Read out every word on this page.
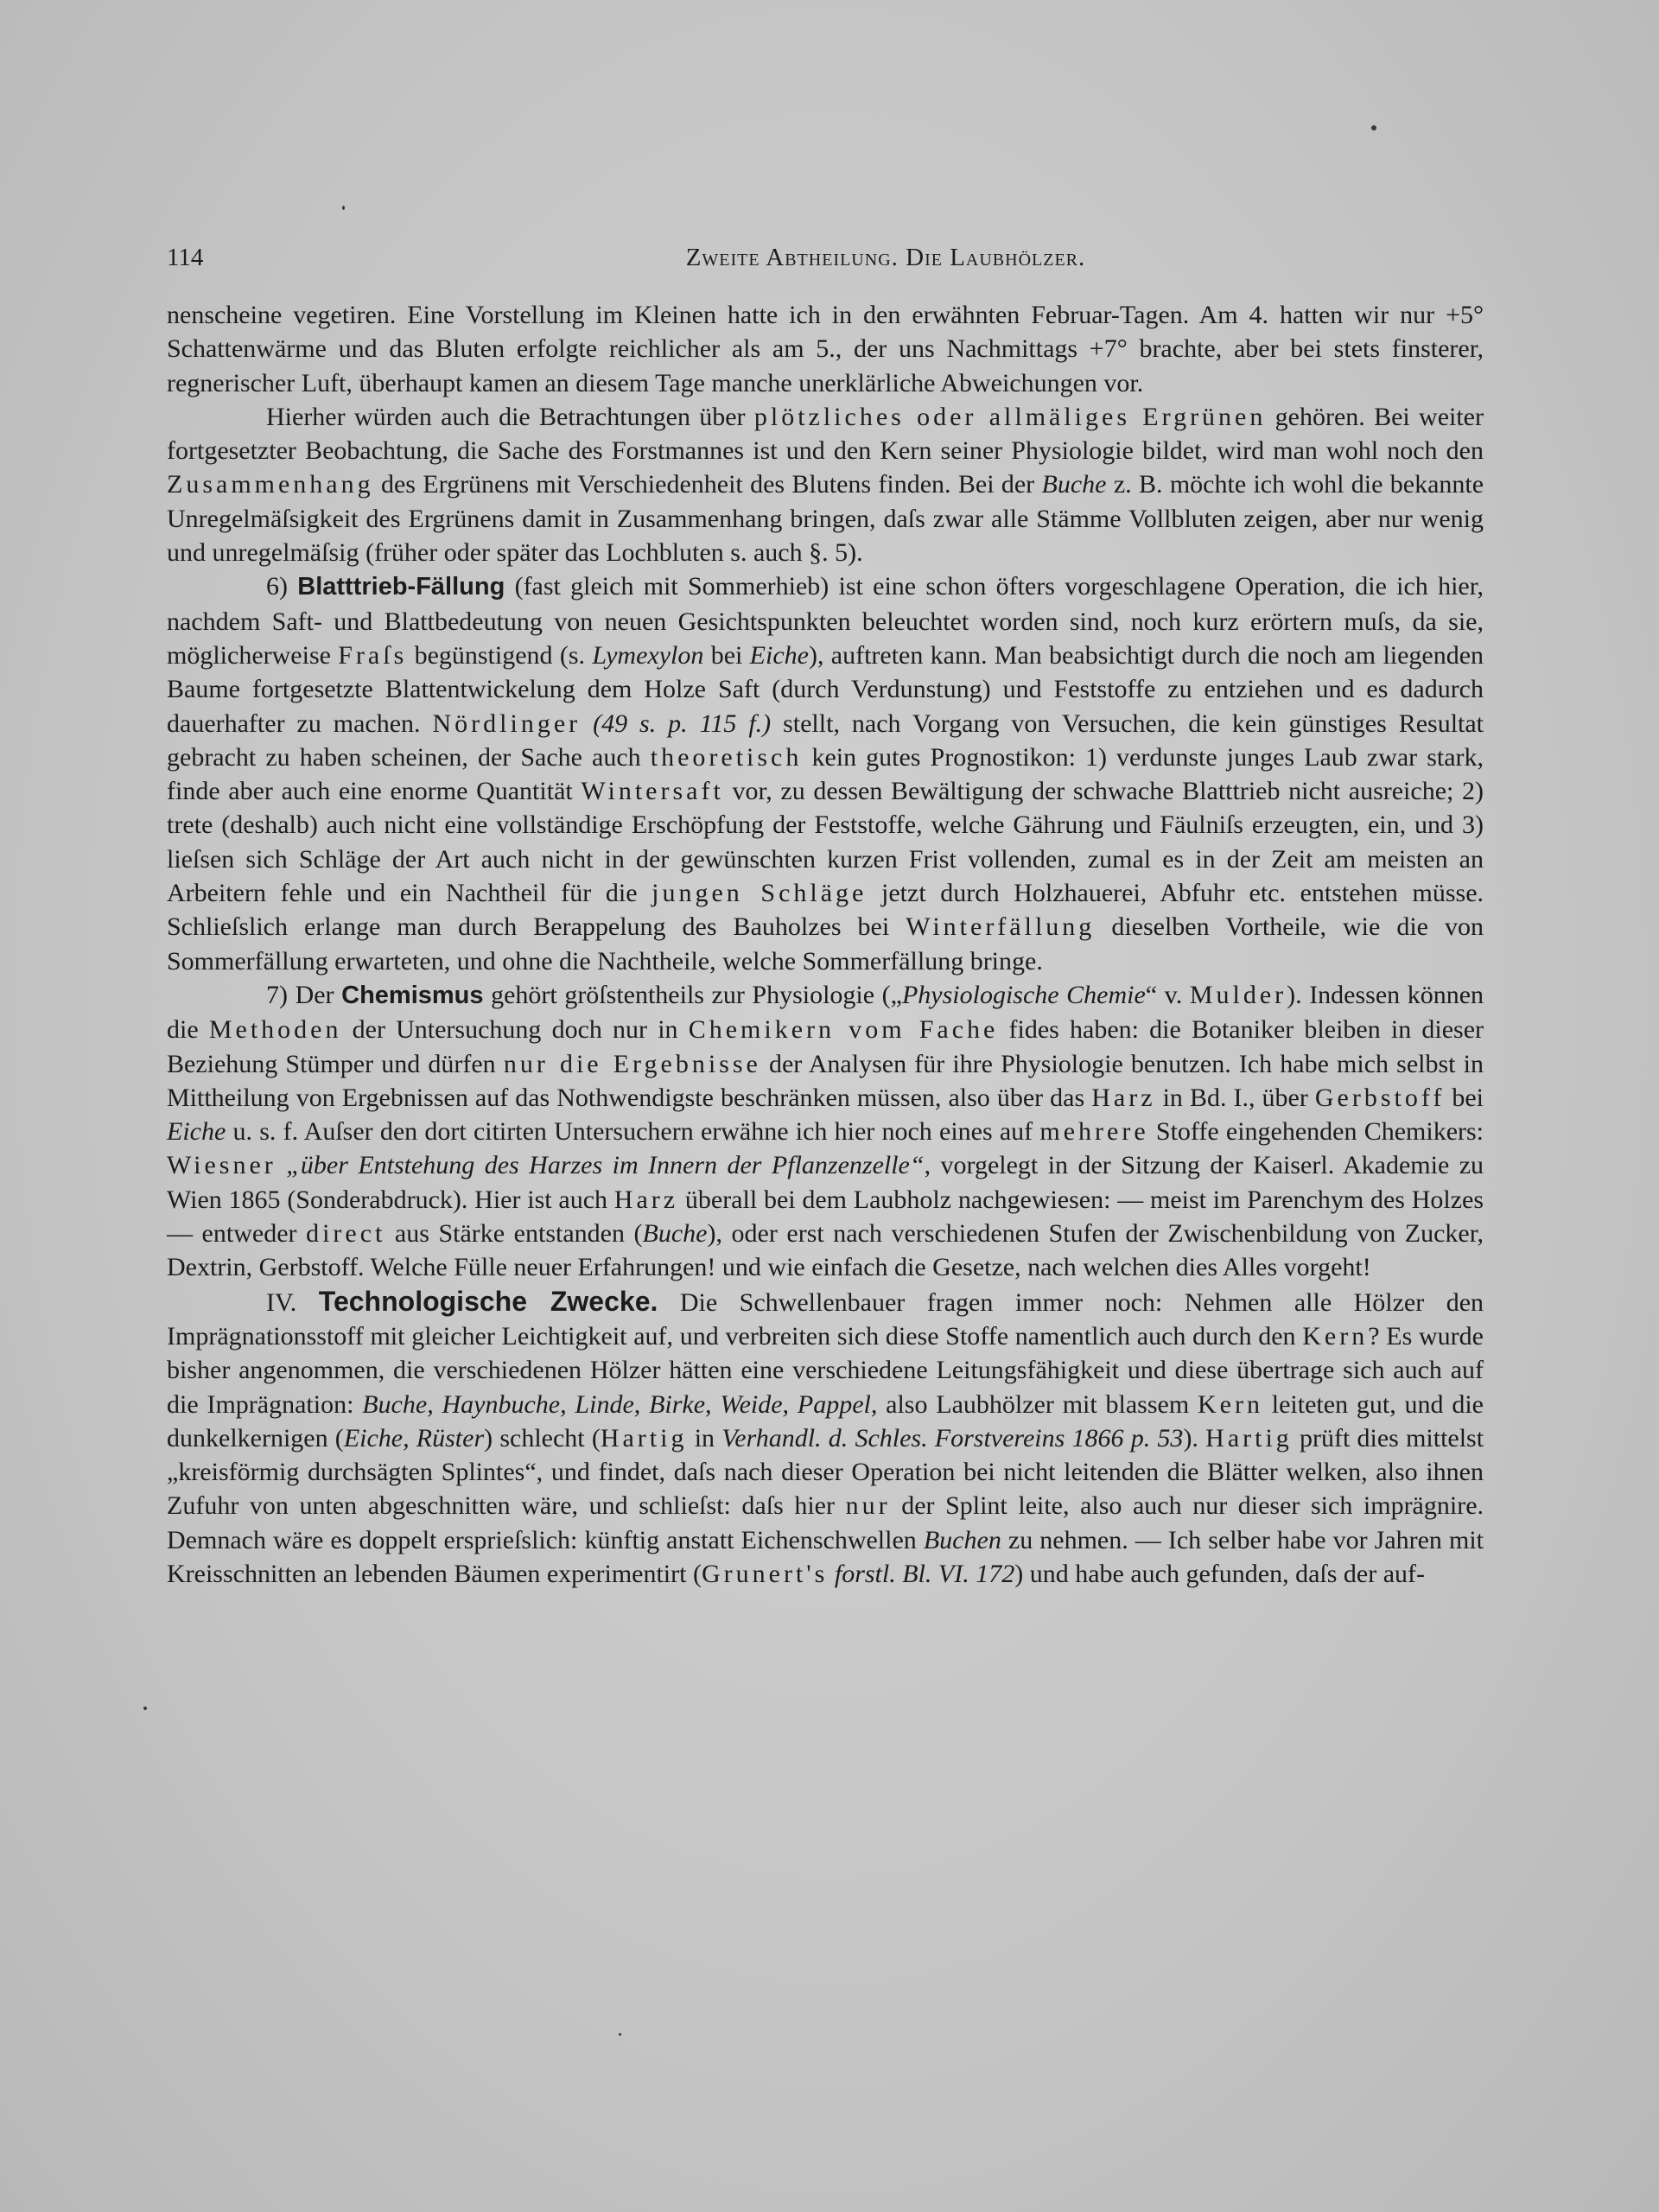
114	Zweite Abtheilung. Die Laubhölzer.

nenscheine vegetiren. Eine Vorstellung im Kleinen hatte ich in den erwähnten Februar-Tagen. Am 4. hatten wir nur +5° Schattenwärme und das Bluten erfolgte reichlicher als am 5., der uns Nachmittags +7° brachte, aber bei stets finsterer, regnerischer Luft, überhaupt kamen an diesem Tage manche unerklärliche Abweichungen vor.

Hierher würden auch die Betrachtungen über plötzliches oder allmäliges Ergrünen gehören. Bei weiter fortgesetzter Beobachtung, die Sache des Forstmannes ist und den Kern seiner Physiologie bildet, wird man wohl noch den Zusammenhang des Ergrünens mit Verschiedenheit des Blutens finden. Bei der Buche z. B. möchte ich wohl die bekannte Unregelmäſsigkeit des Ergrünens damit in Zusammenhang bringen, daſs zwar alle Stämme Vollbluten zeigen, aber nur wenig und unregelmäſsig (früher oder später das Lochbluten s. auch §. 5).

6) Blatttrieb-Fällung (fast gleich mit Sommerhieb) ist eine schon öfters vorgeschlagene Operation, die ich hier, nachdem Saft- und Blattbedeutung von neuen Gesichtspunkten beleuchtet worden sind, noch kurz erörtern muſs, da sie, möglicherweise Fraſs begünstigend (s. Lymexylon bei Eiche), auftreten kann. Man beabsichtigt durch die noch am liegenden Baume fortgesetzte Blattentwickelung dem Holze Saft (durch Verdunstung) und Feststoffe zu entziehen und es dadurch dauerhafter zu machen. Nördlinger (49 s. p. 115 f.) stellt, nach Vorgang von Versuchen, die kein günstiges Resultat gebracht zu haben scheinen, der Sache auch theoretisch kein gutes Prognostikon: 1) verdunste junges Laub zwar stark, finde aber auch eine enorme Quantität Wintersaft vor, zu dessen Bewältigung der schwache Blatttrieb nicht ausreiche; 2) trete (deshalb) auch nicht eine vollständige Erschöpfung der Feststoffe, welche Gährung und Fäulniſs erzeugten, ein, und 3) lieſsen sich Schläge der Art auch nicht in der gewünschten kurzen Frist vollenden, zumal es in der Zeit am meisten an Arbeitern fehle und ein Nachtheil für die jungen Schläge jetzt durch Holzhauerei, Abfuhr etc. entstehen müsse. Schlieſslich erlange man durch Berappelung des Bauholzes bei Winterfällung dieselben Vortheile, wie die von Sommerfällung erwarteten, und ohne die Nachtheile, welche Sommerfällung bringe.

7) Der Chemismus gehört gröſstentheils zur Physiologie („Physiologische Chemie“ v. Mulder). Indessen können die Methoden der Untersuchung doch nur in Chemikern vom Fache fides haben: die Botaniker bleiben in dieser Beziehung Stümper und dürfen nur die Ergebnisse der Analysen für ihre Physiologie benutzen. Ich habe mich selbst in Mittheilung von Ergebnissen auf das Nothwendigste beschränken müssen, also über das Harz in Bd. I., über Gerbstoff bei Eiche u. s. f. Auſser den dort citirten Untersuchern erwähne ich hier noch eines auf mehrere Stoffe eingehenden Chemikers: Wiesner „über Entstehung des Harzes im Innern der Pflanzenzelle“, vorgelegt in der Sitzung der Kaiserl. Akademie zu Wien 1865 (Sonderabdruck). Hier ist auch Harz überall bei dem Laubholz nachgewiesen: — meist im Parenchym des Holzes — entweder direct aus Stärke entstanden (Buche), oder erst nach verschiedenen Stufen der Zwischenbildung von Zucker, Dextrin, Gerbstoff. Welche Fülle neuer Erfahrungen! und wie einfach die Gesetze, nach welchen dies Alles vorgeht!

IV. Technologische Zwecke. Die Schwellenbauer fragen immer noch: Nehmen alle Hölzer den Imprägnationsstoff mit gleicher Leichtigkeit auf, und verbreiten sich diese Stoffe namentlich auch durch den Kern? Es wurde bisher angenommen, die verschiedenen Hölzer hätten eine verschiedene Leitungsfähigkeit und diese übertrage sich auch auf die Imprägnation: Buche, Haynbuche, Linde, Birke, Weide, Pappel, also Laubhölzer mit blassem Kern leiteten gut, und die dunkelkernigen (Eiche, Rüster) schlecht (Hartig in Verhandl. d. Schles. Forstvereins 1866 p. 53). Hartig prüft dies mittelst „kreisförmig durchsägten Splintes“, und findet, daſs nach dieser Operation bei nicht leitenden die Blätter welken, also ihnen Zufuhr von unten abgeschnitten wäre, und schlieſst: daſs hier nur der Splint leite, also auch nur dieser sich imprägnire. Demnach wäre es doppelt ersprieſslich: künftig anstatt Eichenschwellen Buchen zu nehmen. — Ich selber habe vor Jahren mit Kreisschnitten an lebenden Bäumen experimentirt (Grunert's forstl. Bl. VI. 172) und habe auch gefunden, daſs der auf-
